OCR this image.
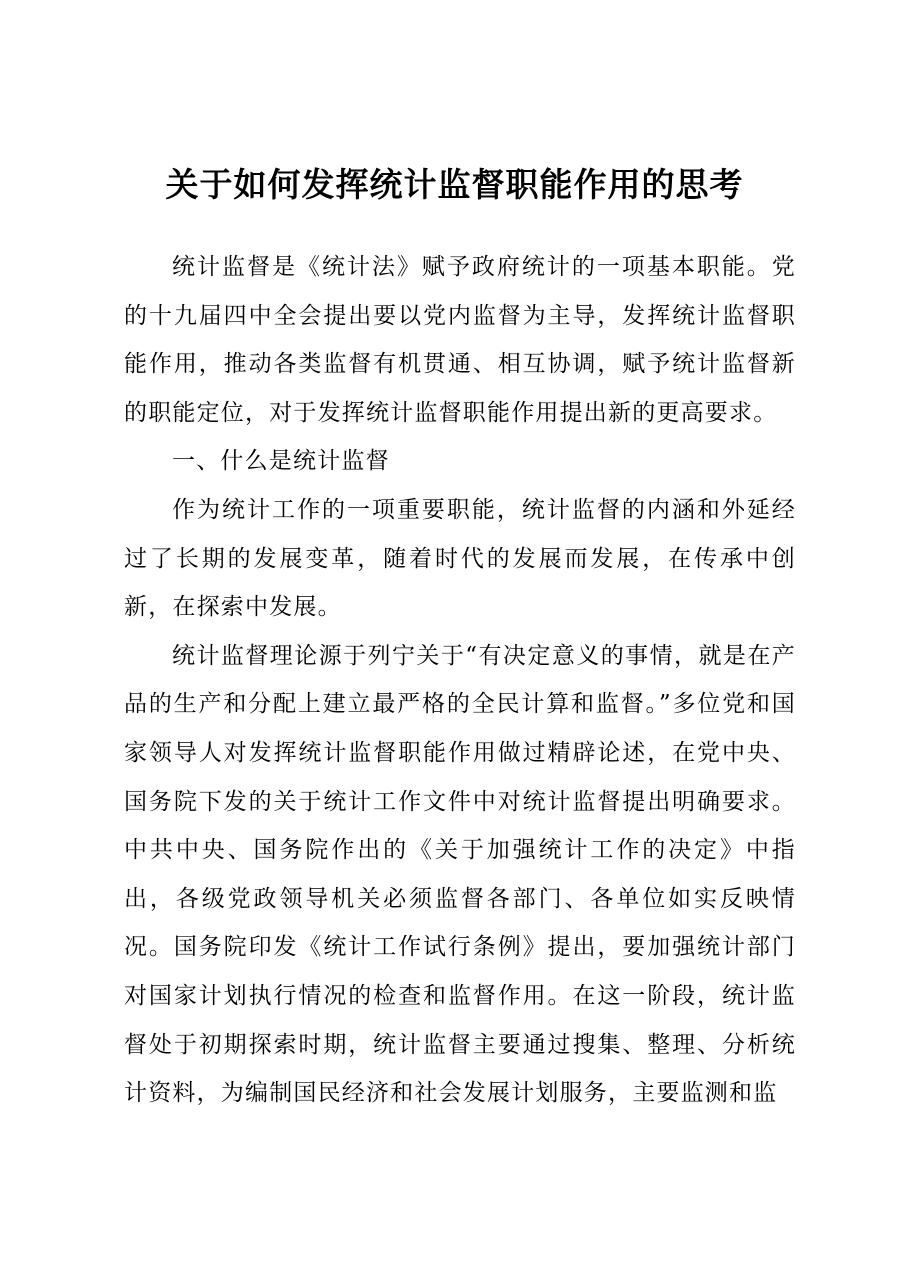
关于如何发挥统计监督职能作用的思考

统计监督是《统计法》赋予政府统计的一项基本职能。党的十九届四中全会提出要以党内监督为主导，发挥统计监督职能作用，推动各类监督有机贯通、相互协调，赋予统计监督新的职能定位，对于发挥统计监督职能作用提出新的更高要求。

一、什么是统计监督

作为统计工作的一项重要职能，统计监督的内涵和外延经过了长期的发展变革，随着时代的发展而发展，在传承中创新，在探索中发展。

统计监督理论源于列宁关于“有决定意义的事情，就是在产品的生产和分配上建立最严格的全民计算和监督。”多位党和国家领导人对发挥统计监督职能作用做过精辟论述，在党中央、国务院下发的关于统计工作文件中对统计监督提出明确要求。中共中央、国务院作出的《关于加强统计工作的决定》中指出，各级党政领导机关必须监督各部门、各单位如实反映情况。国务院印发《统计工作试行条例》提出，要加强统计部门对国家计划执行情况的检查和监督作用。在这一阶段，统计监督处于初期探索时期，统计监督主要通过搜集、整理、分析统计资料，为编制国民经济和社会发展计划服务，主要监测和监
